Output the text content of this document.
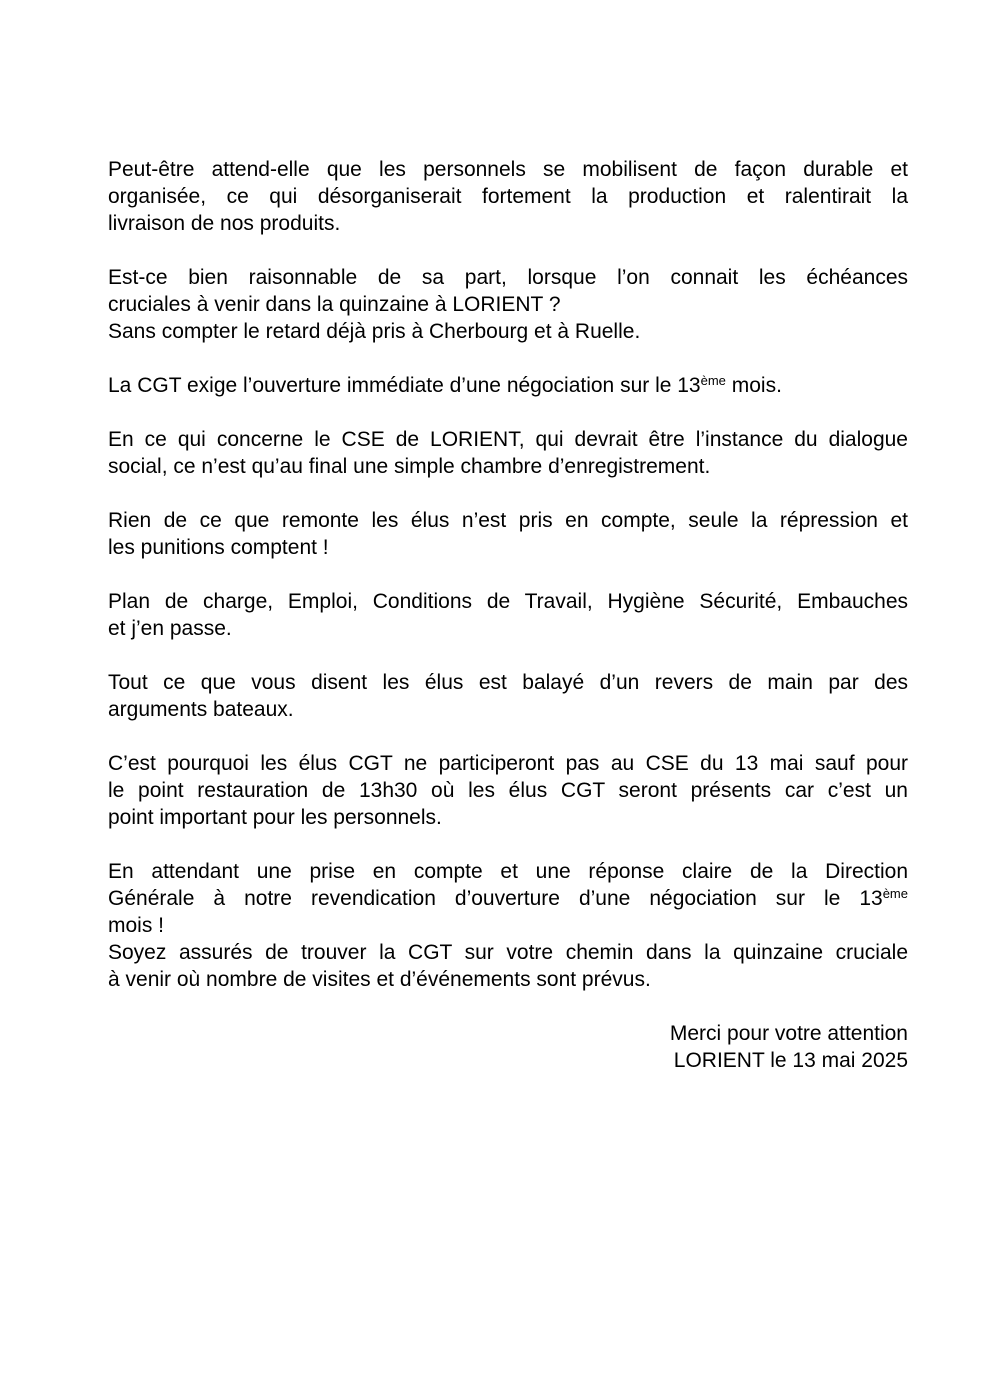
Peut-être attend-elle que les personnels se mobilisent de façon durable et
organisée, ce qui désorganiserait fortement la production et ralentirait la
livraison de nos produits.

Est-ce bien raisonnable de sa part, lorsque l’on connait les échéances
cruciales à venir dans la quinzaine à LORIENT ?
Sans compter le retard déjà pris à Cherbourg et à Ruelle.

La CGT exige l’ouverture immédiate d’une négociation sur le 13ème mois.

En ce qui concerne le CSE de LORIENT, qui devrait être l’instance du dialogue
social, ce n’est qu’au final une simple chambre d’enregistrement.

Rien de ce que remonte les élus n’est pris en compte, seule la répression et
les punitions comptent !

Plan de charge, Emploi, Conditions de Travail, Hygiène Sécurité, Embauches
et j’en passe.

Tout ce que vous disent les élus est balayé d’un revers de main par des
arguments bateaux.

C’est pourquoi les élus CGT ne participeront pas au CSE du 13 mai sauf pour
le point restauration de 13h30 où les élus CGT seront présents car c’est un
point important pour les personnels.

En attendant une prise en compte et une réponse claire de la Direction
Générale à notre revendication d’ouverture d’une négociation sur le 13ème
mois !
Soyez assurés de trouver la CGT sur votre chemin dans la quinzaine cruciale
à venir où nombre de visites et d’événements sont prévus.

Merci pour votre attention
LORIENT le 13 mai 2025
